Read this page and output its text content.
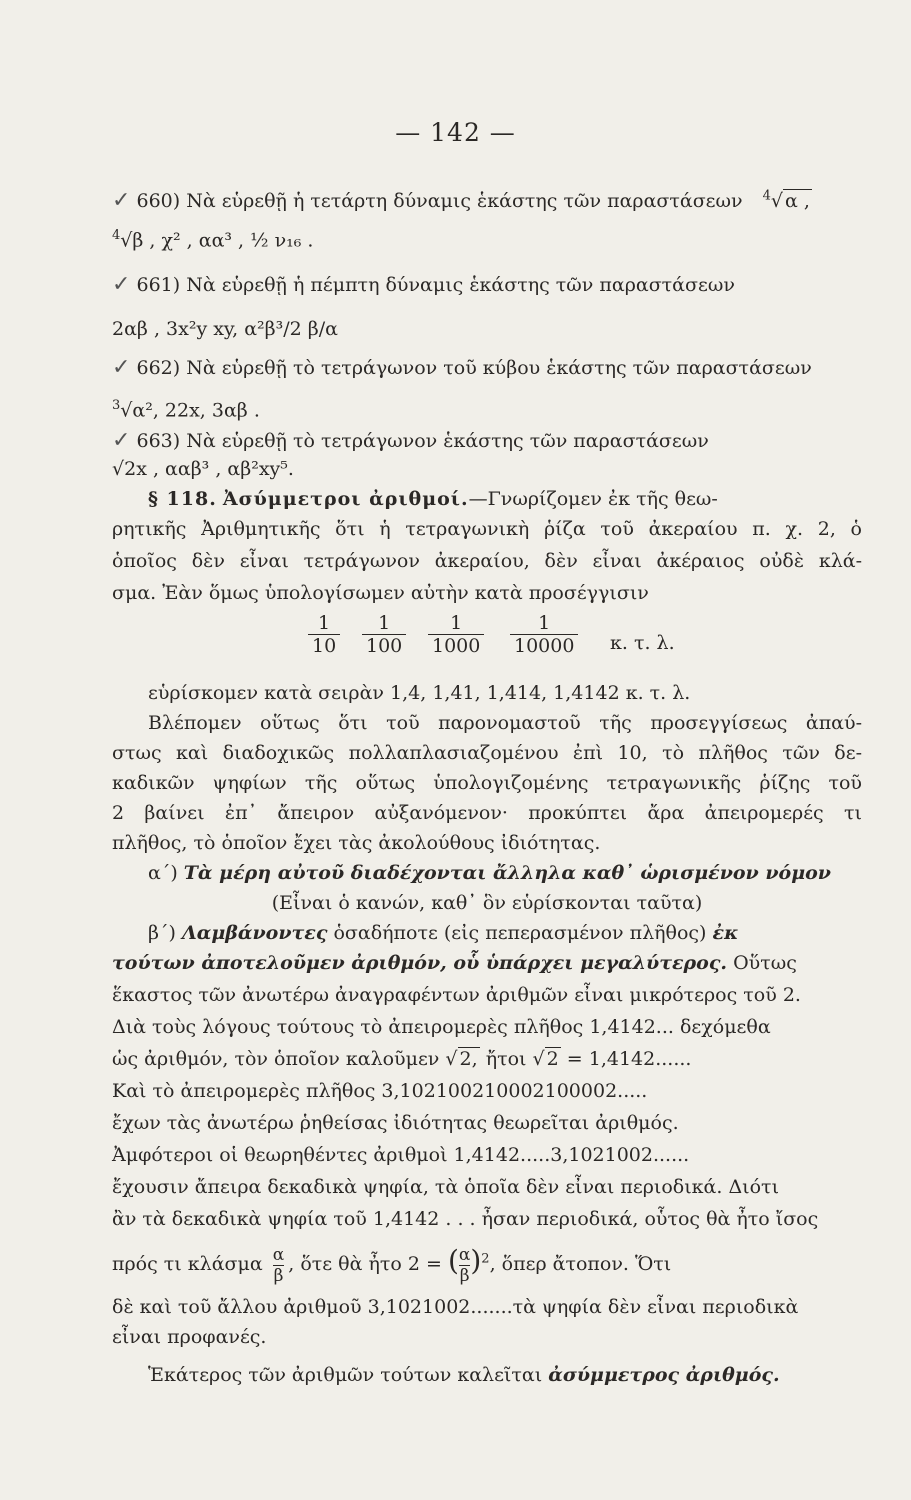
— 142 —
✓ 660) Νὰ εὑρεθῇ ἡ τετάρτη δύναμις ἑκάστης τῶν παραστάσεων $^4$√ α ,
$^4$√β , χ² , αα³ , ½ ν₁₆ .
✓ 661) Νὰ εὑρεθῇ ἡ πέμπτη δύναμις ἑκάστης τῶν παραστάσεων
2αβ , 3x²y xy, α²β³/2 β/α
✓ 662) Νὰ εὑρεθῇ τὸ τετράγωνον τοῦ κύβου ἑκάστης τῶν παραστάσεων
$^3$√α², 22x, 3αβ .
✓ 663) Νὰ εὑρεθῇ τὸ τετράγωνον ἑκάστης τῶν παραστάσεων
√2x , ααβ³ , αβ²xy⁵.
§ 118. Ἀσύμμετροι ἀριθμοί.—Γνωρίζομεν ἐκ τῆς θεω-
ρητικῆς Ἀριθμητικῆς ὅτι ἡ τετραγωνικὴ ῥίζα τοῦ ἀκεραίου π. χ. 2, ὁ
ὁποῖος δὲν εἶναι τετράγωνον ἀκεραίου, δὲν εἶναι ἀκέραιος οὐδὲ κλά-
σμα. Ἐὰν ὅμως ὑπολογίσωμεν αὐτὴν κατὰ προσέγγισιν
$\frac{1}{10} \frac{1}{100} \frac{1}{1000} \frac{1}{10000} \kappa$. τ. λ.
εὑρίσκομεν κατὰ σειρὰν 1,4, 1,41, 1,414, 1,4142 κ. τ. λ.
Βλέπομεν οὕτως ὅτι τοῦ παρονομαστοῦ τῆς προσεγγίσεως ἀπαύ-
στως καὶ διαδοχικῶς πολλαπλασιαζομένου ἐπὶ 10, τὸ πλῆθος τῶν δε-
καδικῶν ψηφίων τῆς οὕτως ὑπολογιζομένης τετραγωνικῆς ῥίζης τοῦ
2 βαίνει ἐπ᾿ ἄπειρον αὐξανόμενον· προκύπτει ἄρα ἀπειρομερές τι
πλῆθος, τὸ ὁποῖον ἔχει τὰς ἀκολούθους ἰδιότητας.
α΄) Τὰ μέρη αὐτοῦ διαδέχονται ἄλληλα καθ᾿ ὡρισμένον νόμον
(Εἶναι ὁ κανών, καθ᾿ ὃν εὑρίσκονται ταῦτα)
β΄) Λαμβάνοντες ὁσαδήποτε (εἰς πεπερασμένον πλῆθος) ἐκ
τούτων ἀποτελοῦμεν ἀριθμόν, οὗ ὑπάρχει μεγαλύτερος. Οὕτως
ἕκαστος τῶν ἀνωτέρω ἀναγραφέντων ἀριθμῶν εἶναι μικρότερος τοῦ 2.
Διὰ τοὺς λόγους τούτους τὸ ἀπειρομερὲς πλῆθος 1,4142... δεχόμεθα
ὡς ἀριθμόν, τὸν ὁποῖον καλοῦμεν √ 2, ἤτοι √ 2 = 1,4142......
Καὶ τὸ ἀπειρομερὲς πλῆθος 3,102100210002100002.....
ἔχων τὰς ἀνωτέρω ῥηθείσας ἰδιότητας θεωρεῖται ἀριθμός.
Ἀμφότεροι οἱ θεωρηθέντες ἀριθμοὶ 1,4142.....3,1021002......
ἔχουσιν ἄπειρα δεκαδικὰ ψηφία, τὰ ὁποῖα δὲν εἶναι περιοδικά. Διότι
ἂν τὰ δεκαδικὰ ψηφία τοῦ 1,4142 . . . ἦσαν περιοδικά, οὗτος θὰ ἦτο ἴσος
πρός τι κλάσμα $\frac{\alpha}{\beta}$ , ὅτε θὰ ἦτο 2 = ( $\frac{\alpha}{\beta} )^2$, ὅπερ ἄτοπον. Ὅτι
δὲ καὶ τοῦ ἄλλου ἀριθμοῦ 3,1021002.......τὰ ψηφία δὲν εἶναι περιοδικὰ
εἶναι προφανές.
Ἑκάτερος τῶν ἀριθμῶν τούτων καλεῖται ἀσύμμετρος ἀριθμός.
